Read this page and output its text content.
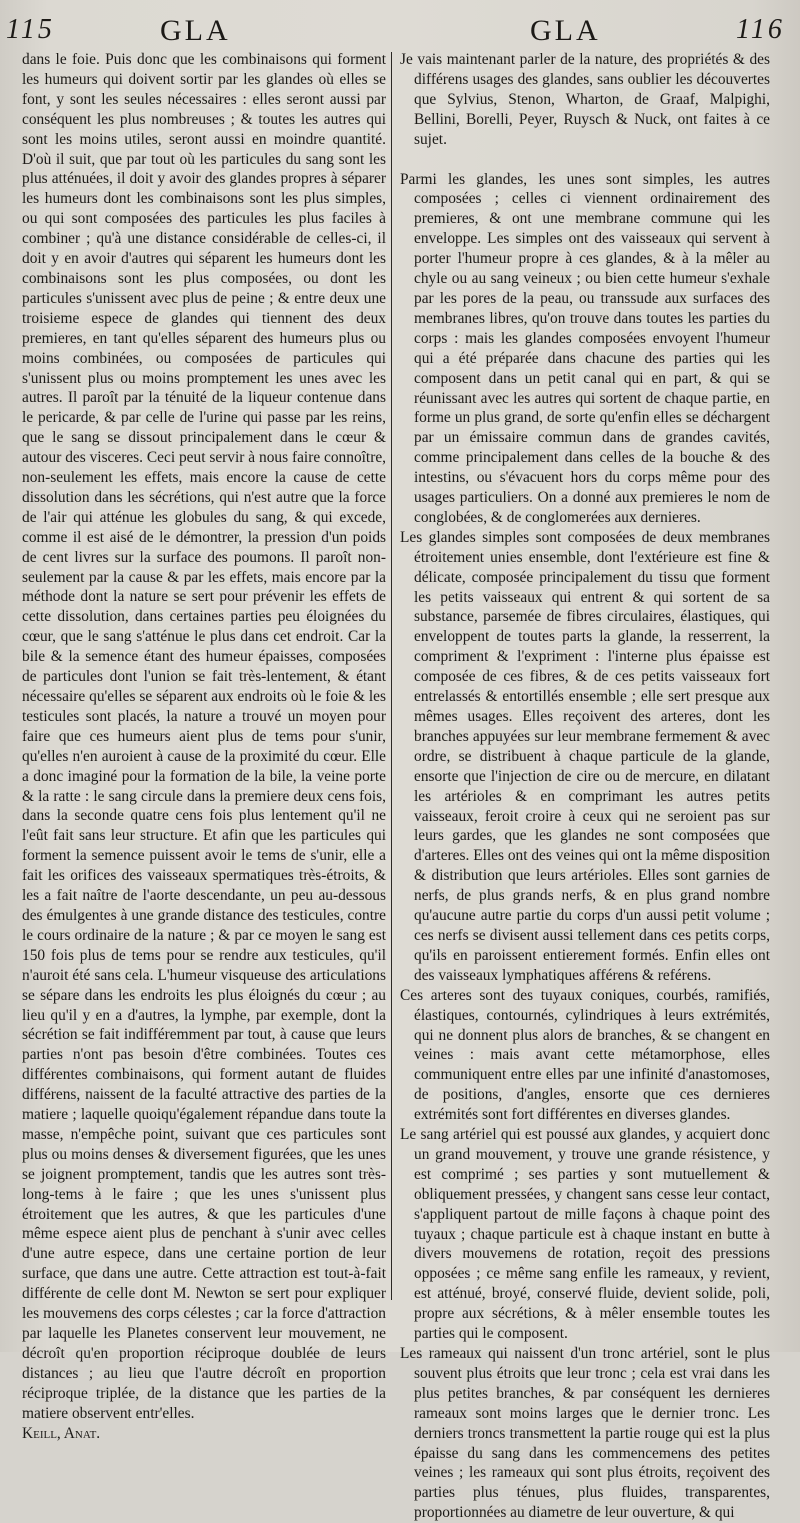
115	GLA	GLA	116

dans le foie. Puis donc que les combinaisons qui forment les humeurs qui doivent sortir par les glandes où elles se font, y sont les seules nécessaires : elles seront aussi par conséquent les plus nombreuses ; & toutes les autres qui sont les moins utiles, seront aussi en moindre quantité. D'où il suit, que par tout où les particules du sang sont les plus atténuées, il doit y avoir des glandes propres à séparer les humeurs dont les combinaisons sont les plus simples, ou qui sont composées des particules les plus faciles à combiner ; qu'à une distance considérable de celles-ci, il doit y en avoir d'autres qui séparent les humeurs dont les combinaisons sont les plus composées, ou dont les particules s'unissent avec plus de peine ; & entre deux une troisieme espece de glandes qui tiennent des deux premieres, en tant qu'elles séparent des humeurs plus ou moins combinées, ou composées de particules qui s'unissent plus ou moins promptement les unes avec les autres. Il paroît par la ténuité de la liqueur contenue dans le pericarde, & par celle de l'urine qui passe par les reins, que le sang se dissout principalement dans le cœur & autour des visceres. Ceci peut servir à nous faire connoître, non-seulement les effets, mais encore la cause de cette dissolution dans les sécrétions, qui n'est autre que la force de l'air qui atténue les globules du sang, & qui excede, comme il est aisé de le démontrer, la pression d'un poids de cent livres sur la surface des poumons. Il paroît non-seulement par la cause & par les effets, mais encore par la méthode dont la nature se sert pour prévenir les effets de cette dissolution, dans certaines parties peu éloignées du cœur, que le sang s'atténue le plus dans cet endroit. Car la bile & la semence étant des humeur épaisses, composées de particules dont l'union se fait très-lentement, & étant nécessaire qu'elles se séparent aux endroits où le foie & les testicules sont placés, la nature a trouvé un moyen pour faire que ces humeurs aient plus de tems pour s'unir, qu'elles n'en auroient à cause de la proximité du cœur. Elle a donc imaginé pour la formation de la bile, la veine porte & la ratte : le sang circule dans la premiere deux cens fois, dans la seconde quatre cens fois plus lentement qu'il ne l'eût fait sans leur structure. Et afin que les particules qui forment la semence puissent avoir le tems de s'unir, elle a fait les orifices des vaisseaux spermatiques très-étroits, & les a fait naître de l'aorte descendante, un peu au-dessous des émulgentes à une grande distance des testicules, contre le cours ordinaire de la nature ; & par ce moyen le sang est 150 fois plus de tems pour se rendre aux testicules, qu'il n'auroit été sans cela. L'humeur visqueuse des articulations se sépare dans les endroits les plus éloignés du cœur ; au lieu qu'il y en a d'autres, la lymphe, par exemple, dont la sécrétion se fait indifféremment par tout, à cause que leurs parties n'ont pas besoin d'être combinées. Toutes ces différentes combinaisons, qui forment autant de fluides différens, naissent de la faculté attractive des parties de la matiere ; laquelle quoiqu'également répandue dans toute la masse, n'empêche point, suivant que ces particules sont plus ou moins denses & diversement figurées, que les unes se joignent promptement, tandis que les autres sont très-long-tems à le faire ; que les unes s'unissent plus étroitement que les autres, & que les particules d'une même espece aient plus de penchant à s'unir avec celles d'une autre espece, dans une certaine portion de leur surface, que dans une autre. Cette attraction est tout-à-fait différente de celle dont M. Newton se sert pour expliquer les mouvemens des corps célestes ; car la force d'attraction par laquelle les Planetes conservent leur mouvement, ne décroît qu'en proportion réciproque doublée de leurs distances ; au lieu que l'autre décroît en proportion réciproque triplée, de la distance que les parties de la matiere observent entr'elles.

Keill, Anat.

Je vais maintenant parler de la nature, des propriétés & des différens usages des glandes, sans oublier les découvertes que Sylvius, Stenon, Wharton, de Graaf, Malpighi, Bellini, Borelli, Peyer, Ruysch & Nuck, ont faites à ce sujet.

Parmi les glandes, les unes sont simples, les autres composées ; celles ci viennent ordinairement des premieres, & ont une membrane commune qui les enveloppe. Les simples ont des vaisseaux qui servent à porter l'humeur propre à ces glandes, & à la mêler au chyle ou au sang veineux ; ou bien cette humeur s'exhale par les pores de la peau, ou transsude aux surfaces des membranes libres, qu'on trouve dans toutes les parties du corps : mais les glandes composées envoyent l'humeur qui a été préparée dans chacune des parties qui les composent dans un petit canal qui en part, & qui se réunissant avec les autres qui sortent de chaque partie, en forme un plus grand, de sorte qu'enfin elles se déchargent par un émissaire commun dans de grandes cavités, comme principalement dans celles de la bouche & des intestins, ou s'évacuent hors du corps même pour des usages particuliers. On a donné aux premieres le nom de conglobées, & de conglomerées aux dernieres.

Les glandes simples sont composées de deux membranes étroitement unies ensemble, dont l'extérieure est fine & délicate, composée principalement du tissu que forment les petits vaisseaux qui entrent & qui sortent de sa substance, parsemée de fibres circulaires, élastiques, qui enveloppent de toutes parts la glande, la resserrent, la compriment & l'expriment : l'interne plus épaisse est composée de ces fibres, & de ces petits vaisseaux fort entrelassés & entortillés ensemble ; elle sert presque aux mêmes usages. Elles reçoivent des arteres, dont les branches appuyées sur leur membrane fermement & avec ordre, se distribuent à chaque particule de la glande, ensorte que l'injection de cire ou de mercure, en dilatant les artérioles & en comprimant les autres petits vaisseaux, feroit croire à ceux qui ne seroient pas sur leurs gardes, que les glandes ne sont composées que d'arteres. Elles ont des veines qui ont la même disposition & distribution que leurs artérioles. Elles sont garnies de nerfs, de plus grands nerfs, & en plus grand nombre qu'aucune autre partie du corps d'un aussi petit volume ; ces nerfs se divisent aussi tellement dans ces petits corps, qu'ils en paroissent entierement formés. Enfin elles ont des vaisseaux lymphatiques afférens & reférens.

Ces arteres sont des tuyaux coniques, courbés, ramifiés, élastiques, contournés, cylindriques à leurs extrémités, qui ne donnent plus alors de branches, & se changent en veines : mais avant cette métamorphose, elles communiquent entre elles par une infinité d'anastomoses, de positions, d'angles, ensorte que ces dernieres extrémités sont fort différentes en diverses glandes.

Le sang artériel qui est poussé aux glandes, y acquiert donc un grand mouvement, y trouve une grande résistence, y est comprimé ; ses parties y sont mutuellement & obliquement pressées, y changent sans cesse leur contact, s'appliquent partout de mille façons à chaque point des tuyaux ; chaque particule est à chaque instant en butte à divers mouvemens de rotation, reçoit des pressions opposées ; ce même sang enfile les rameaux, y revient, est atténué, broyé, conservé fluide, devient solide, poli, propre aux sécrétions, & à mêler ensemble toutes les parties qui le composent.

Les rameaux qui naissent d'un tronc artériel, sont le plus souvent plus étroits que leur tronc ; cela est vrai dans les plus petites branches, & par conséquent les dernieres rameaux sont moins larges que le dernier tronc. Les derniers troncs transmettent la partie rouge qui est la plus épaisse du sang dans les commencemens des petites veines ; les rameaux qui sont plus étroits, reçoivent des parties plus ténues, plus fluides, transparentes, proportionnées au diametre de leur ouverture, & qui
